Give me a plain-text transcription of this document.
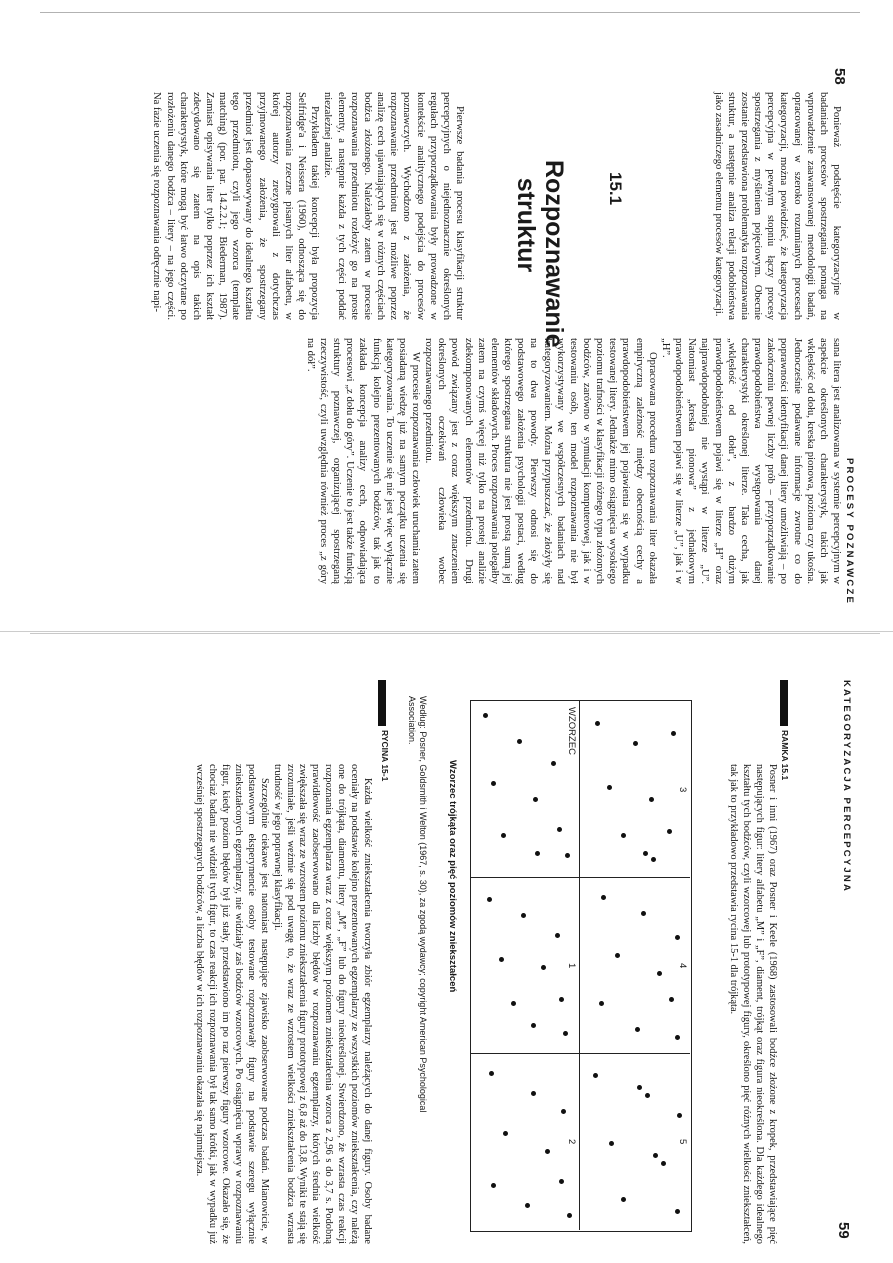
58

Ponieważ podstęście kategoryzacyjne w badaniach procesów spostrzegania pomaga na wprowadzenie zaawansowanej metodologii badań, opracowanej w szeroko rozumianych procesach kategoryzacji, można powiedzieć, że kategoryzacja percepcyjna w pewnym stopniu łączy procesy spostrzegania z myśleniem pojęciowym. Obecnie zostanie przedstawiona problematyka rozpoznawania struktur, a następnie analiza relacji podobieństwa jako zasadniczego elementu procesów kategoryzacji.

15.1
Rozpoznawanie struktur

Pierwsze badania procesu klasyfikacji struktur percepcyjnych o niejednoznacznie określonych regułach przyporządkowania były prowadzone w kontekście analitycznego podejścia do procesów poznawczych. Wychodzono z założenia, że rozpoznawanie przedmiotu jest możliwe poprzez analizę cech ujawniających się w różnych częściach bodźca złożonego. Należałoby zatem w procesie rozpoznawania przedmiotu rozłożyć go na proste elementy, a następnie każda z tych części poddać niezależnej analizie.

Przykładem takiej koncepcji była propozycja Selfridge'a i Neissera (1960), odnosząca się do rozpoznawania rzeczne pisanych liter alfabetu, w której autorzy zrezygnowali z dotychczas przyjmowanego założenia, że spostrzegany przedmiot jest dopasowywany do idealnego kształtu tego przedmiotu, czyli jego wzorca (template matching) (por. par. 14.2.2.1; Biederman, 1987). Zamiast opisywania liter tylko poprzez ich kształt zdecydowano się zatem na opis takich charakterystyk, które mogą być łatwo odczytane po rozłożeniu danego bodźca – litery – na jego części. Na fazie uczenia się rozpoznawania odręcznie napi-

PROCESY POZNAWCZE

sana litera jest analizowana w systemie percepcyjnym w aspekcie określonych charakterystyk, takich jak wklęsłość od dołu, kreska pionowa, poziomа czy ukośna. Jednocześnie podawane informacje zwrotne co do poprawności identyfikacji danej litery umożliwiają – po zakończeniu pewnej liczby prób – przyporządkowanie prawdopodobieństwa występowania danej charakterystyki określonej literze. Taka cecha, jak „wklęsłość od dołu”, z bardzo dużym prawdopodobieństwem pojawi się w literze „H” oraz najprawdopodobniej nie wystąpi w literze „U”. Natomiast „kreska pionowa” z jednakowym prawdopodobieństwem pojawi się w literze „U”, jak i w „H”.

Opracowana procedura rozpoznawania liter okazała empiryczną zależność między obecnością cechy a prawdopodobieństwem jej pojawienia się w wypadku testowanej litery. Jednakże mimo osiągnięcia wysokiego poziomu trafności w klasyfikacji różnego typu złożonych bodźców, zarówno w symulacji komputerowej, jak i w testowaniu osób, ten model rozpoznawania nie był wykorzystywany we współczesnych badaniach nad kategoryzowaniem. Można przypuszczać, że złożyły się na to dwa powody. Pierwszy odnosi się do podstawowego założenia psychologii postaci, według którego spostrzegana struktura nie jest prostą sumą jej elementów składowych. Proces rozpoznawania polegałby zatem na czymś więcej niż tylko na prostej analizie zdekomponowanych elementów przedmiotu. Drugi powód związany jest z coraz większym znaczeniem określonych oczekiwań człowieka wobec rozpoznawanego przedmiotu.

W procesie rozpoznawania człowiek uruchamia zatem posiadaną wiedzę już na samym początku uczenia się kategoryzowania. To uczenie się nie jest więc wyłącznie funkcją kolejno prezentowanych bodźców, tak jak to zakłada koncepcja analizy cech, odpowiadająca procesowi „z dołu do góry”. Uczenie to jest także funkcją struktury poznawczej, organizującej spostrzeganą rzeczywistość, czyli uwzględnia również proces „z góry na dół”.

KATEGORYZACJA PERCEPCYJNA
59
RAMKA 15.1

Posner i inni (1967) oraz Posner i Keele (1968) zastosowali bodźce złożone z kropek, przedstawiające pięć następujących figur: litery alfabetu „M” i „F”, diament, trójkąt oraz figura nieokreślona. Dla każdego idealnego kształtu tych bodźców, czyli wzorcowej lub prototypowej figury, określono pięć różnych wielkości zniekształceń, tak jak to przykładowo przedstawia rycina 15-1 dla trójkąta.

WZORZEC
1
2
3
4
5
Wzorzec trójkąta oraz pięć poziomów zniekształceń
Według: Posner, Goldsmith i Welton (1967, s. 30), za zgodą wydawcy; copyright American Psychological Association.
RYCINA 15-1

Każda wielkość zniekształcenia tworzyła zbiór egzemplarzy należących do danej figury. Osoby badane oceniały na podstawie kolejno prezentowanych egzemplarzy ze wszystkich poziomów zniekształcenia, czy należą one do trójkąta, diamentu, litery „M”, „F” lub do figury nieokreślonej. Stwierdzono, że wzrasta czas reakcji rozpoznania egzemplarza wraz z coraz większym poziomem zniekształcenia wzorca z 2,96 s do 3,7 s. Podobną prawidłowość zaobserwowano dla liczby błędów w rozpoznawaniu egzemplarzy, których średnia wielkość zwiększała się wraz ze wzrostem poziomu zniekształcenia figury prototypowej z 6,8 aż do 13,8. Wyniki te stają się zrozumiałe, jeśli weźmie się pod uwagę to, że wraz ze wzrostem wielkości zniekształcenia bodźca wzrasta trudność w jego poprawnej klasyfikacji.

Szczególnie ciekawe jest natomiast następujące zjawisko zaobserwowane podczas badań. Mianowicie, w podstawowym eksperymencie osoby testowane rozpoznawały figury na podstawie szeregu wyłącznie zniekształconych egzemplarzy, nie widziały zaś bodźców wzorcowych. Po osiągnięciu wprawy w rozpoznawaniu figur, kiedy poziom błędów był już stały, przedstawiono im po raz pierwszy figury wzorcowe. Okazało się, że chociaż badani nie widzieli tych figur, to czas reakcji ich rozpoznawania był tak samo krótki, jak w wypadku już wcześniej spostrzeganych bodźców, a liczba błędów w ich rozpoznawaniu okazała się najmniejsza.
